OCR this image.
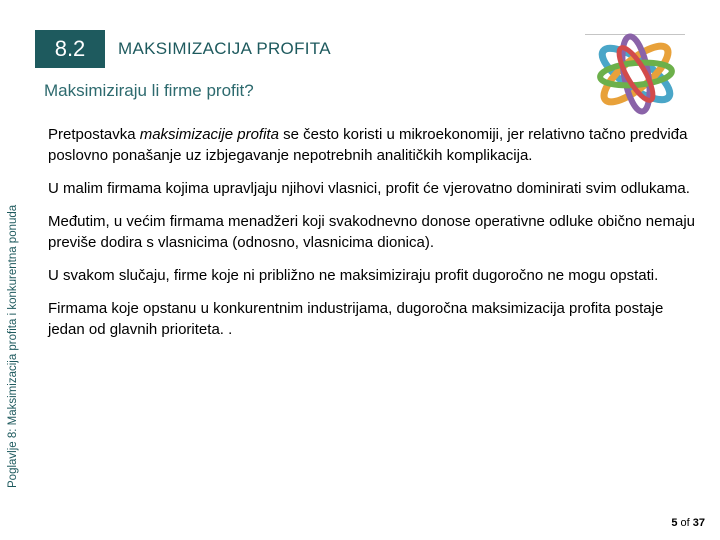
8.2	MAKSIMIZACIJA PROFITA
Maksimiziraju li firme profit?
Poglavlje 8: Maksimizacija profita i konkurentna ponuda

Pretpostavka maksimizacije profita se često koristi u mikroekonomiji, jer relativno tačno predviđa poslovno ponašanje uz izbjegavanje nepotrebnih analitičkih komplikacija.

U malim firmama kojima upravljaju njihovi vlasnici, profit će vjerovatno dominirati svim odlukama.

Međutim, u većim firmama menadžeri koji svakodnevno donose operativne odluke obično nemaju previše dodira s vlasnicima (odnosno, vlasnicima dionica).

U svakom slučaju, firme koje ni približno ne maksimiziraju profit dugoročno ne mogu opstati.

Firmama koje opstanu u konkurentnim industrijama, dugoročna maksimizacija profita postaje jedan od glavnih prioriteta. .

5 of 37
